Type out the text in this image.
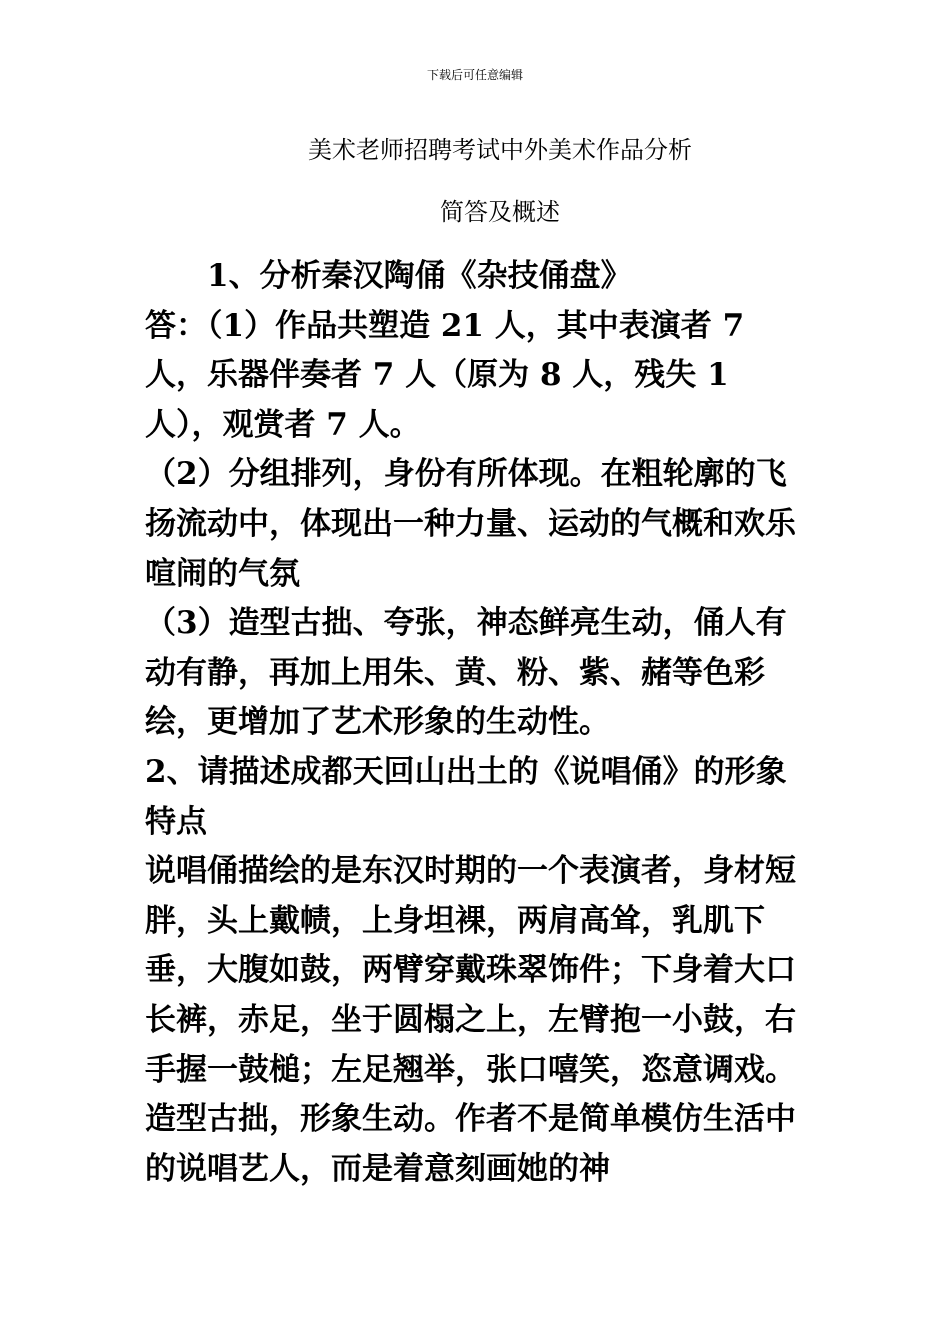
下载后可任意编辑
美术老师招聘考试中外美术作品分析
简答及概述

1、分析秦汉陶俑《杂技俑盘》

答：（1）作品共塑造 21 人，其中表演者 7 人，乐器伴奏者 7 人（原为 8 人，残失 1 人），观赏者 7 人。

（2）分组排列，身份有所体现。在粗轮廓的飞扬流动中，体现出一种力量、运动的气概和欢乐喧闹的气氛

（3）造型古拙、夸张，神态鲜亮生动，俑人有动有静，再加上用朱、黄、粉、紫、赭等色彩绘，更增加了艺术形象的生动性。

2、请描述成都天回山出土的《说唱俑》的形象特点

说唱俑描绘的是东汉时期的一个表演者，身材短胖，头上戴帻，上身坦裸，两肩高耸，乳肌下垂，大腹如鼓，两臂穿戴珠翠饰件；下身着大口长裤，赤足，坐于圆榻之上，左臂抱一小鼓，右手握一鼓槌；左足翘举，张口嘻笑，恣意调戏。造型古拙，形象生动。作者不是简单模仿生活中的说唱艺人，而是着意刻画她的神
